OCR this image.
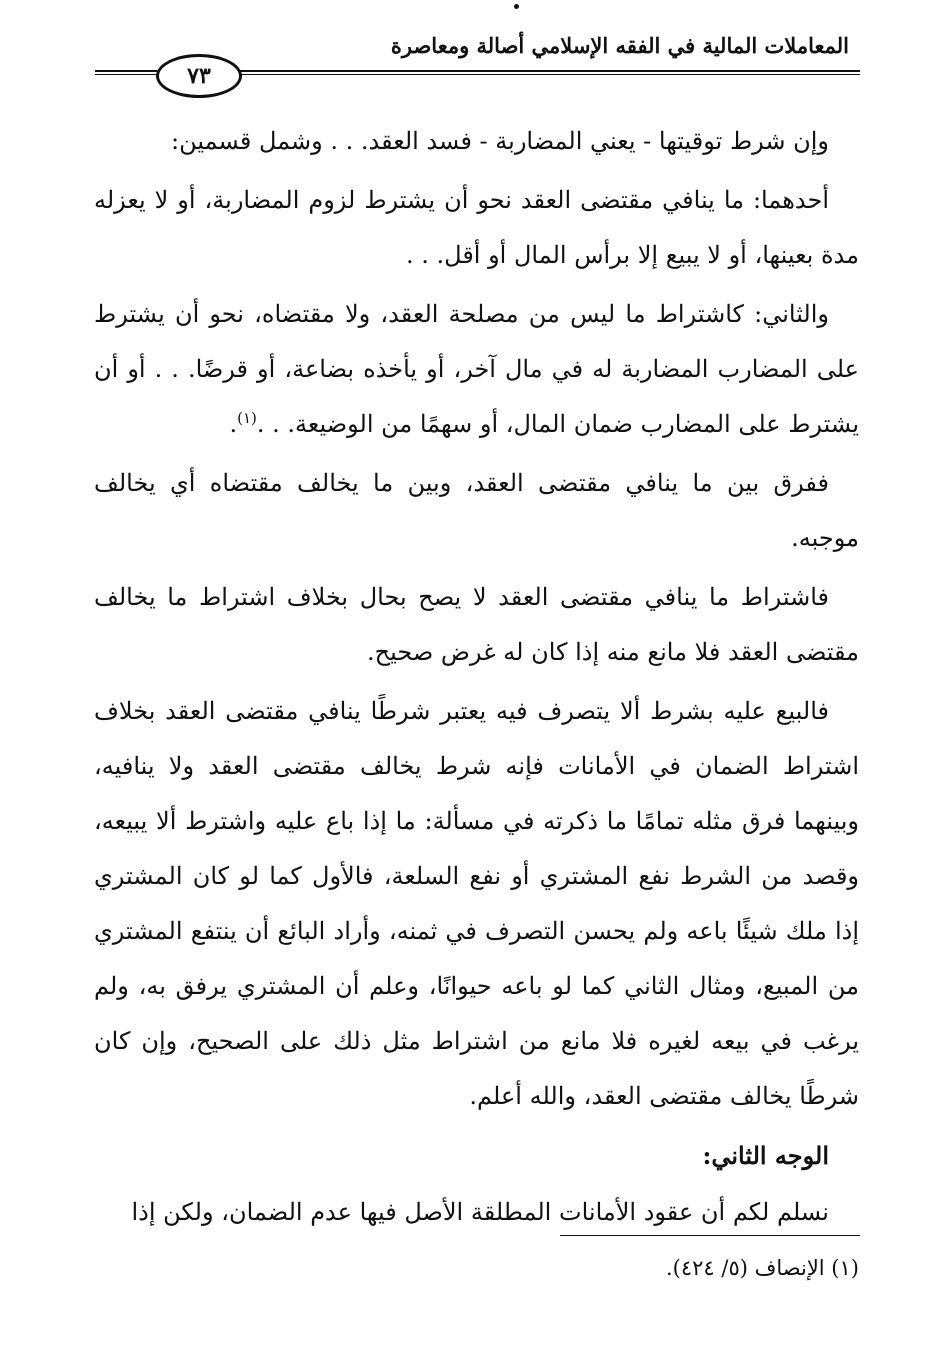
المعاملات المالية في الفقه الإسلامي أصالة ومعاصرة
٧٣

وإن شرط توقيتها - يعني المضاربة - فسد العقد. . . وشمل قسمين:

أحدهما: ما ينافي مقتضى العقد نحو أن يشترط لزوم المضاربة، أو لا يعزله مدة بعينها، أو لا يبيع إلا برأس المال أو أقل. . .

والثاني: كاشتراط ما ليس من مصلحة العقد، ولا مقتضاه، نحو أن يشترط على المضارب المضاربة له في مال آخر، أو يأخذه بضاعة، أو قرضًا. . . أو أن يشترط على المضارب ضمان المال، أو سهمًا من الوضيعة. . .$^{(١)}$.

ففرق بين ما ينافي مقتضى العقد، وبين ما يخالف مقتضاه أي يخالف موجبه.

فاشتراط ما ينافي مقتضى العقد لا يصح بحال بخلاف اشتراط ما يخالف مقتضى العقد فلا مانع منه إذا كان له غرض صحيح.

فالبيع عليه بشرط ألا يتصرف فيه يعتبر شرطًا ينافي مقتضى العقد بخلاف اشتراط الضمان في الأمانات فإنه شرط يخالف مقتضى العقد ولا ينافيه، وبينهما فرق مثله تمامًا ما ذكرته في مسألة: ما إذا باع عليه واشترط ألا يبيعه، وقصد من الشرط نفع المشتري أو نفع السلعة، فالأول كما لو كان المشتري إذا ملك شيئًا باعه ولم يحسن التصرف في ثمنه، وأراد البائع أن ينتفع المشتري من المبيع، ومثال الثاني كما لو باعه حيوانًا، وعلم أن المشتري يرفق به، ولم يرغب في بيعه لغيره فلا مانع من اشتراط مثل ذلك على الصحيح، وإن كان شرطًا يخالف مقتضى العقد، والله أعلم.

الوجه الثاني:

نسلم لكم أن عقود الأمانات المطلقة الأصل فيها عدم الضمان، ولكن إذا

(١) الإنصاف (٥/ ٤٢٤).
